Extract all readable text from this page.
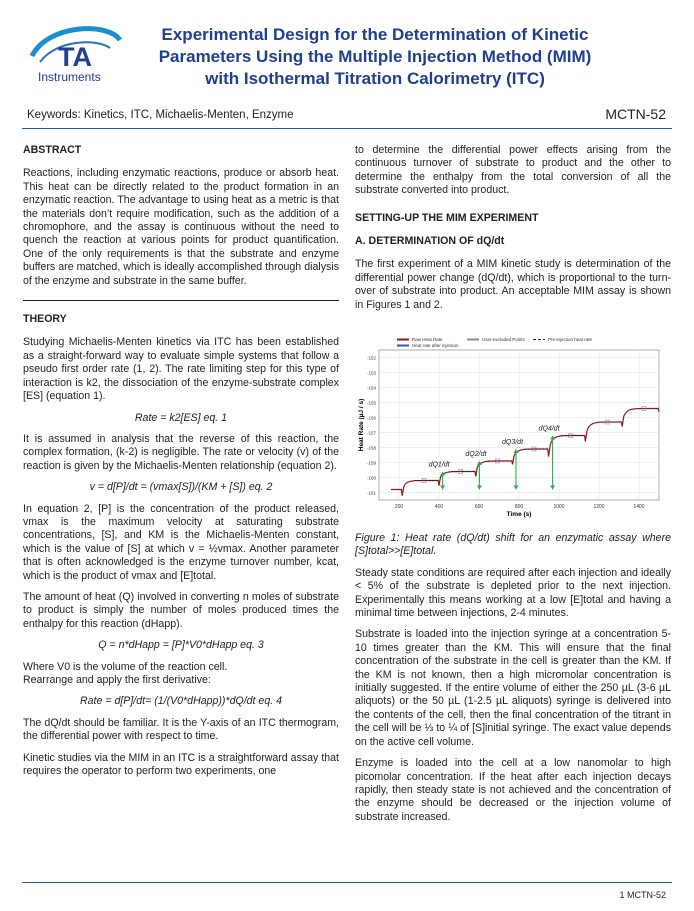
TA
Instruments
Experimental Design for the Determination of Kinetic
Parameters Using the Multiple Injection Method (MIM)
with Isothermal Titration Calorimetry (ITC)
Keywords: Kinetics, ITC, Michaelis-Menten, Enzyme	MCTN-52
ABSTRACT

Reactions, including enzymatic reactions, produce or absorb heat. This heat can be directly related to the product formation in an enzymatic reaction. The advantage to using heat as a metric is that the materials don’t require modification, such as the addition of a chromophore, and the assay is continuous without the need to quench the reaction at various points for product quantification. One of the only requirements is that the substrate and enzyme buffers are matched, which is ideally accomplished through dialysis of the enzyme and substrate in the same buffer.

THEORY

Studying Michaelis-Menten kinetics via ITC has been established as a straight-forward way to evaluate simple systems that follow a pseudo first order rate (1, 2). The rate limiting step for this type of interaction is k2, the dissociation of the enzyme-substrate complex [ES] (equation 1).

Rate = k2[ES] eq. 1

It is assumed in analysis that the reverse of this reaction, the complex formation, (k-2) is negligible. The rate or velocity (v) of the reaction is given by the Michaelis-Menten relationship (equation 2).

v = d[P]/dt = (vmax[S])/(KM + [S]) eq. 2

In equation 2, [P] is the concentration of the product released, vmax is the maximum velocity at saturating substrate concentrations, [S], and KM is the Michaelis-Menten constant, which is the value of [S] at which v = ½vmax. Another parameter that is often acknowledged is the enzyme turnover number, kcat, which is the product of vmax and [E]total.

The amount of heat (Q) involved in converting n moles of substrate to product is simply the number of moles produced times the enthalpy for this reaction (dHapp).

Q = n*dHapp = [P]*V0*dHapp eq. 3

Where V0 is the volume of the reaction cell.

Rearrange and apply the first derivative:

Rate = d[P]/dt= (1/(V0*dHapp))*dQ/dt eq. 4

The dQ/dt should be familiar. It is the Y-axis of an ITC thermogram, the differential power with respect to time.

Kinetic studies via the MIM in an ITC is a straightforward assay that requires the operator to perform two experiments, one

to determine the differential power effects arising from the continuous turnover of substrate to product and the other to determine the enthalpy from the total conversion of all the substrate converted into product.

SETTING-UP THE MIM EXPERIMENT
A. DETERMINATION OF dQ/dt

The first experiment of a MIM kinetic study is determination of the differential power change (dQ/dt), which is proportional to the turn-over of substrate into product. An acceptable MIM assay is shown in Figures 1 and 2.

200	400	600	800	1000	1200	1400
-152
-153
-154
-155
-156
-157
-158
-159
-160
-161
Time (s)
Heat Rate (µJ / s)
Raw Heat Rate	User-excluded Points	Pre-injection heat rate
Heat rate after injection
dQ1/dt
dQ2/dt
dQ3/dt
dQ4/dt

Figure 1: Heat rate (dQ/dt) shift for an enzymatic assay where [S]total>>[E]total.

Steady state conditions are required after each injection and ideally < 5% of the substrate is depleted prior to the next injection. Experimentally this means working at a low [E]total and having a minimal time between injections, 2-4 minutes.

Substrate is loaded into the injection syringe at a concentration 5-10 times greater than the KM. This will ensure that the final concentration of the substrate in the cell is greater than the KM. If the KM is not known, then a high micromolar concentration is initially suggested. If the entire volume of either the 250 µL (3-6 µL aliquots) or the 50 µL (1-2.5 µL aliquots) syringe is delivered into the contents of the cell, then the final concentration of the titrant in the cell will be ⅓ to ¼ of [S]initial syringe. The exact value depends on the active cell volume.

Enzyme is loaded into the cell at a low nanomolar to high picomolar concentration. If the heat after each injection decays rapidly, then steady state is not achieved and the concentration of the enzyme should be decreased or the injection volume of substrate increased.

1 MCTN-52
